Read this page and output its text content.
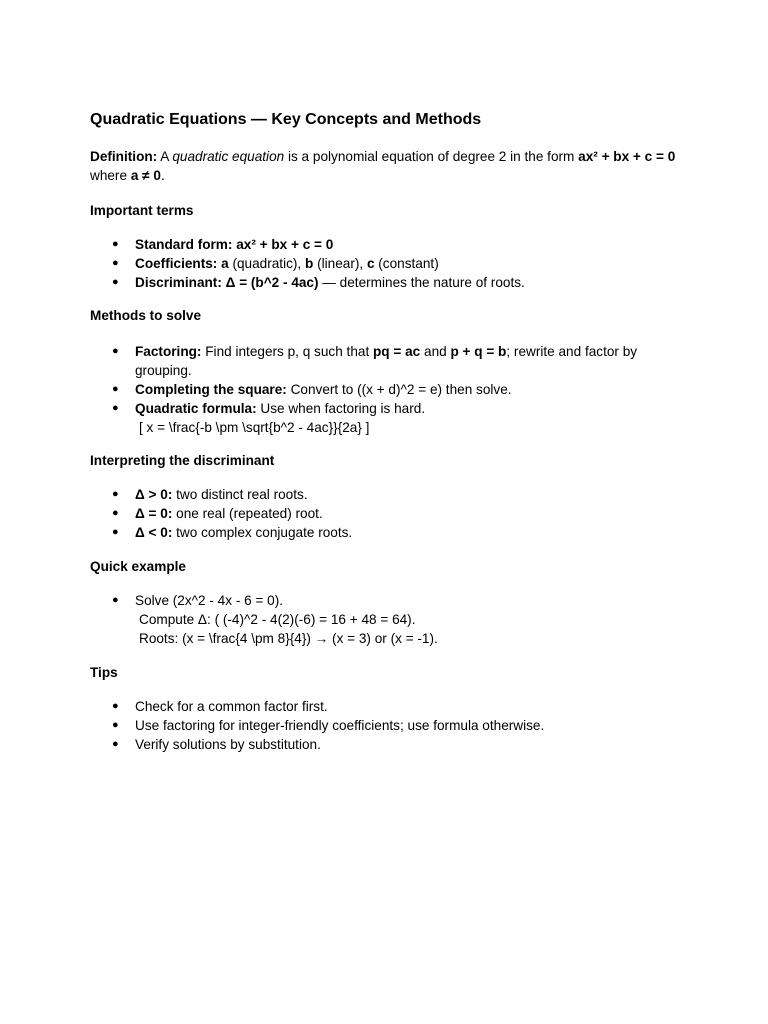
Quadratic Equations — Key Concepts and Methods

Definition: A quadratic equation is a polynomial equation of degree 2 in the form ax² + bx + c = 0 where a ≠ 0.

Important terms

● Standard form: ax² + bx + c = 0
● Coefficients: a (quadratic), b (linear), c (constant)
● Discriminant: Δ = (b^2 - 4ac) — determines the nature of roots.

Methods to solve

● Factoring: Find integers p, q such that pq = ac and p + q = b; rewrite and factor by grouping.
● Completing the square: Convert to ((x + d)^2 = e) then solve.
● Quadratic formula: Use when factoring is hard.
[ x = \frac{-b \pm \sqrt{b^2 - 4ac}}{2a} ]

Interpreting the discriminant

● Δ > 0: two distinct real roots.
● Δ = 0: one real (repeated) root.
● Δ < 0: two complex conjugate roots.

Quick example

● Solve (2x^2 - 4x - 6 = 0).
Compute Δ: ( (-4)^2 - 4(2)(-6) = 16 + 48 = 64).
Roots: (x = \frac{4 \pm 8}{4}) → (x = 3) or (x = -1).

Tips

● Check for a common factor first.
● Use factoring for integer-friendly coefficients; use formula otherwise.
● Verify solutions by substitution.
